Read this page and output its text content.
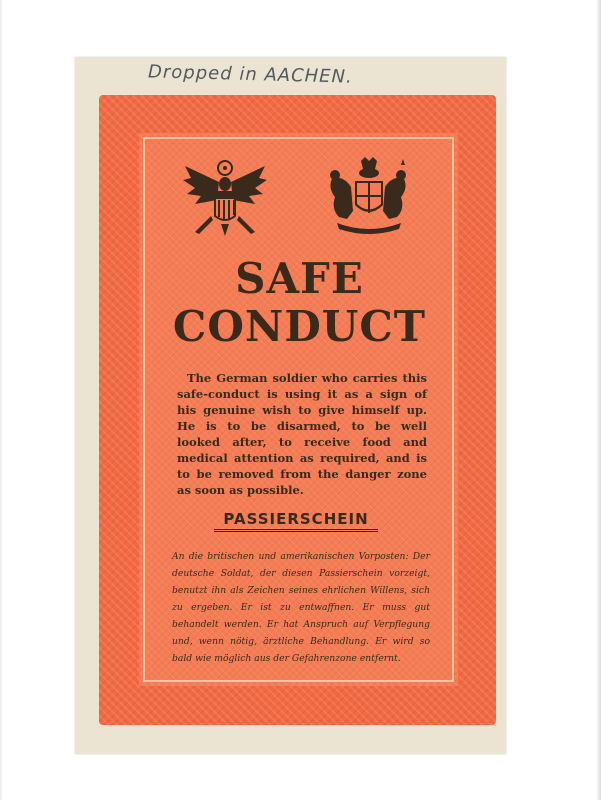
Dropped in AACHEN.
SAFE
CONDUCT
The German soldier who carries this safe-conduct is using it as a sign of his genuine wish to give himself up. He is to be disarmed, to be well looked after, to receive food and medical attention as required, and is to be removed from the danger zone as soon as possible.
PASSIERSCHEIN
An die britischen und amerikanischen Vorposten: Der deutsche Soldat, der diesen Passierschein vorzeigt, benutzt ihn als Zeichen seines ehrlichen Willens, sich zu ergeben. Er ist zu entwaffnen. Er muss gut behandelt werden. Er hat Anspruch auf Verpflegung und, wenn nötig, ärztliche Behandlung. Er wird so bald wie möglich aus der Gefahrenzone entfernt.
